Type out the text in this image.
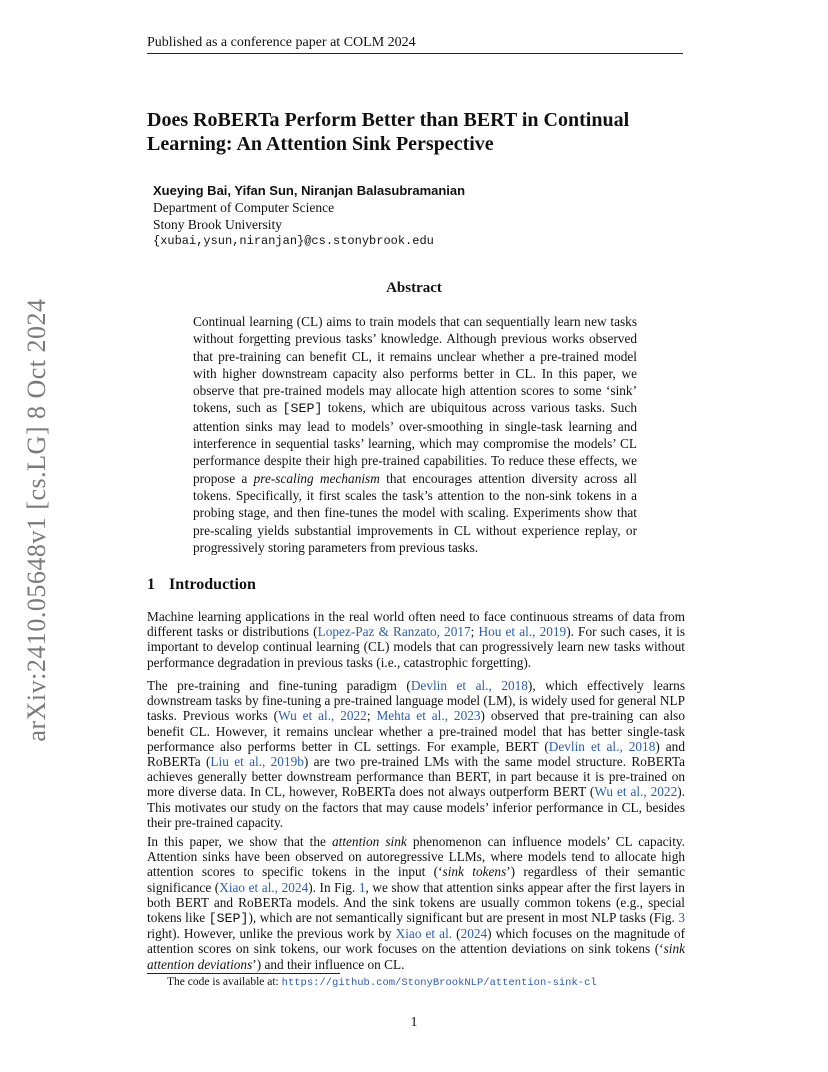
Published as a conference paper at COLM 2024
arXiv:2410.05648v1 [cs.LG] 8 Oct 2024
Does RoBERTa Perform Better than BERT in Continual Learning: An Attention Sink Perspective
Xueying Bai, Yifan Sun, Niranjan Balasubramanian
Department of Computer Science
Stony Brook University
{xubai,ysun,niranjan}@cs.stonybrook.edu
Abstract
Continual learning (CL) aims to train models that can sequentially learn new tasks without forgetting previous tasks’ knowledge. Although previous works observed that pre-training can benefit CL, it remains unclear whether a pre-trained model with higher downstream capacity also performs better in CL. In this paper, we observe that pre-trained models may allocate high attention scores to some ‘sink’ tokens, such as [SEP] tokens, which are ubiquitous across various tasks. Such attention sinks may lead to models’ over-smoothing in single-task learning and interference in sequential tasks’ learning, which may compromise the models’ CL performance despite their high pre-trained capabilities. To reduce these effects, we propose a pre-scaling mechanism that encourages attention diversity across all tokens. Specifically, it first scales the task’s attention to the non-sink tokens in a probing stage, and then fine-tunes the model with scaling. Experiments show that pre-scaling yields substantial improvements in CL without experience replay, or progressively storing parameters from previous tasks.
1 Introduction
Machine learning applications in the real world often need to face continuous streams of data from different tasks or distributions (Lopez-Paz & Ranzato, 2017; Hou et al., 2019). For such cases, it is important to develop continual learning (CL) models that can progressively learn new tasks without performance degradation in previous tasks (i.e., catastrophic forgetting).
The pre-training and fine-tuning paradigm (Devlin et al., 2018), which effectively learns downstream tasks by fine-tuning a pre-trained language model (LM), is widely used for general NLP tasks. Previous works (Wu et al., 2022; Mehta et al., 2023) observed that pre-training can also benefit CL. However, it remains unclear whether a pre-trained model that has better single-task performance also performs better in CL settings. For example, BERT (Devlin et al., 2018) and RoBERTa (Liu et al., 2019b) are two pre-trained LMs with the same model structure. RoBERTa achieves generally better downstream performance than BERT, in part because it is pre-trained on more diverse data. In CL, however, RoBERTa does not always outperform BERT (Wu et al., 2022). This motivates our study on the factors that may cause models’ inferior performance in CL, besides their pre-trained capacity.
In this paper, we show that the attention sink phenomenon can influence models’ CL capacity. Attention sinks have been observed on autoregressive LLMs, where models tend to allocate high attention scores to specific tokens in the input (‘sink tokens’) regardless of their semantic significance (Xiao et al., 2024). In Fig. 1, we show that attention sinks appear after the first layers in both BERT and RoBERTa models. And the sink tokens are usually common tokens (e.g., special tokens like [SEP]), which are not semantically significant but are present in most NLP tasks (Fig. 3 right). However, unlike the previous work by Xiao et al. (2024) which focuses on the magnitude of attention scores on sink tokens, our work focuses on the attention deviations on sink tokens (‘sink attention deviations’) and their influence on CL.
The code is available at: https://github.com/StonyBrookNLP/attention-sink-cl
1
